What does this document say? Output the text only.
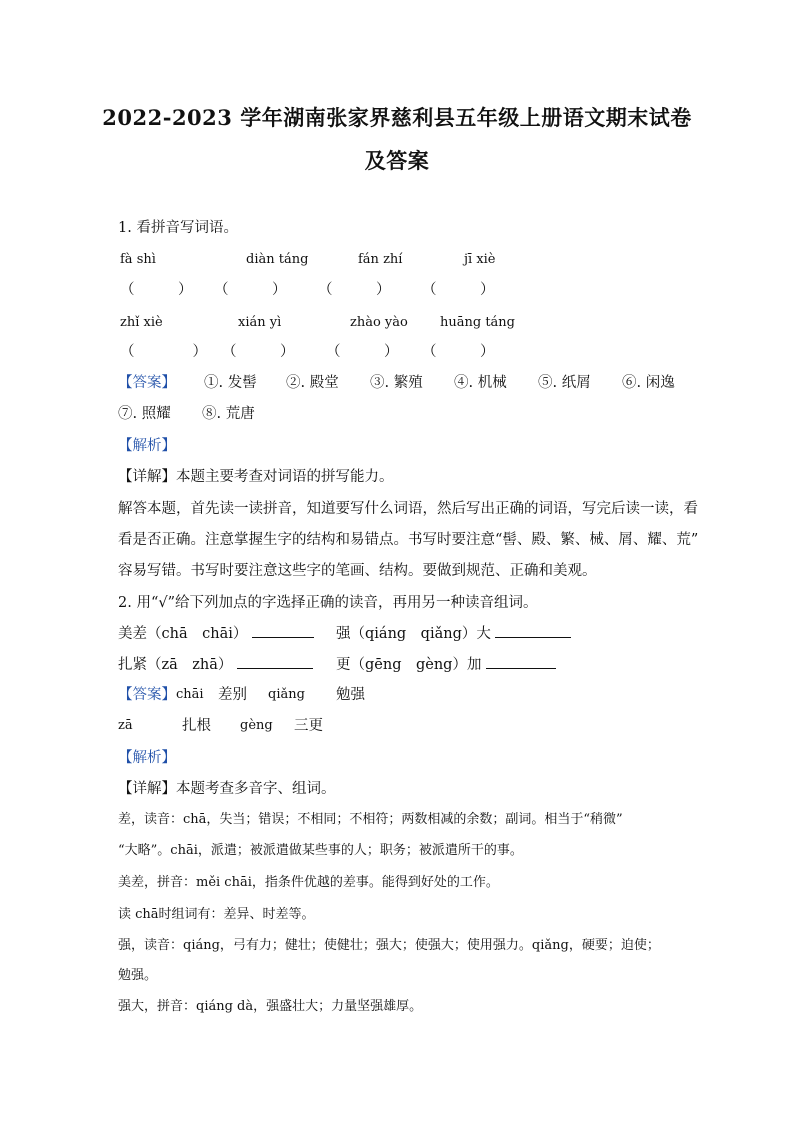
2022-2023 学年湖南张家界慈利县五年级上册语文期末试卷
及答案
1. 看拼音写词语。
fà shì	diàn táng	fán zhí	jī xiè
（　　　） （　　　） （　　　） （　　　）
zhǐ xiè	xián yì	zhào yào huāng táng
（　　　　） （　　　） （　　　） （　　　）
【答案】 ①. 发髻 ②. 殿堂 ③. 繁殖 ④. 机械 ⑤. 纸屑 ⑥. 闲逸
⑦. 照耀 ⑧. 荒唐
【解析】
【详解】本题主要考查对词语的拼写能力。
解答本题，首先读一读拼音，知道要写什么词语，然后写出正确的词语，写完后读一读，看
看是否正确。注意掌握生字的结构和易错点。书写时要注意“髻、殿、繁、械、屑、耀、荒”
容易写错。书写时要注意这些字的笔画、结构。要做到规范、正确和美观。
2. 用“√”给下列加点的字选择正确的读音，再用另一种读音组词。
美差（chā　chāi）	强（qiáng　qiǎng）大
扎紧（zā　zhā）	更（gēng　gèng）加
【答案】 chāi 差别 qiǎng 勉强
zā	扎根 gèng 三更
【解析】
【详解】本题考查多音字、组词。
差，读音：chā，失当；错误；不相同；不相符；两数相减的余数；副词。相当于“稍微”
“大略”。chāi，派遣；被派遣做某些事的人；职务；被派遣所干的事。
美差，拼音：měi chāi，指条件优越的差事。能得到好处的工作。
读 chā时组词有：差异、时差等。
强，读音：qiáng，弓有力；健壮；使健壮；强大；使强大；使用强力。qiǎng，硬要；迫使；
勉强。
强大，拼音：qiáng dà，强盛壮大；力量坚强雄厚。
